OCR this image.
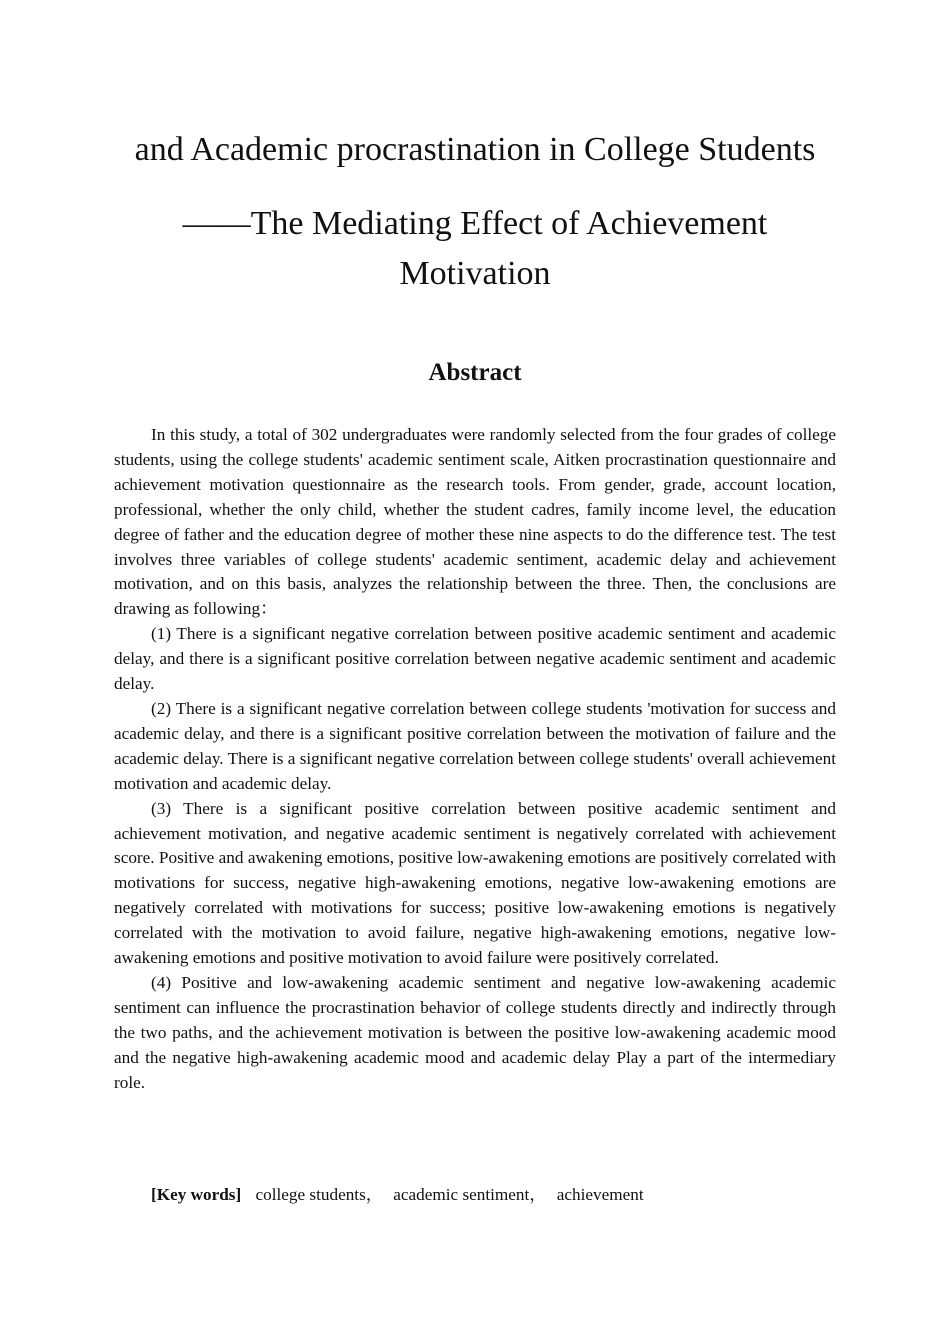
and Academic procrastination in College Students
——The Mediating Effect of Achievement
Motivation
Abstract

In this study, a total of 302 undergraduates were randomly selected from the four grades of college students, using the college students' academic sentiment scale, Aitken procrastination questionnaire and achievement motivation questionnaire as the research tools. From gender, grade, account location, professional, whether the only child, whether the student cadres, family income level, the education degree of father and the education degree of mother these nine aspects to do the difference test. The test involves three variables of college students' academic sentiment, academic delay and achievement motivation, and on this basis, analyzes the relationship between the three. Then, the conclusions are drawing as following：

(1) There is a significant negative correlation between positive academic sentiment and academic delay, and there is a significant positive correlation between negative academic sentiment and academic delay.

(2) There is a significant negative correlation between college students 'motivation for success and academic delay, and there is a significant positive correlation between the motivation of failure and the academic delay. There is a significant negative correlation between college students' overall achievement motivation and academic delay.

(3) There is a significant positive correlation between positive academic sentiment and achievement motivation, and negative academic sentiment is negatively correlated with achievement score. Positive and awakening emotions, positive low-awakening emotions are positively correlated with motivations for success, negative high-awakening emotions, negative low-awakening emotions are negatively correlated with motivations for success; positive low-awakening emotions is negatively correlated with the motivation to avoid failure, negative high-awakening emotions, negative low-awakening emotions and positive motivation to avoid failure were positively correlated.

(4) Positive and low-awakening academic sentiment and negative low-awakening academic sentiment can influence the procrastination behavior of college students directly and indirectly through the two paths, and the achievement motivation is between the positive low-awakening academic mood and the negative high-awakening academic mood and academic delay Play a part of the intermediary role.

[Key words] college students， academic sentiment， achievement
